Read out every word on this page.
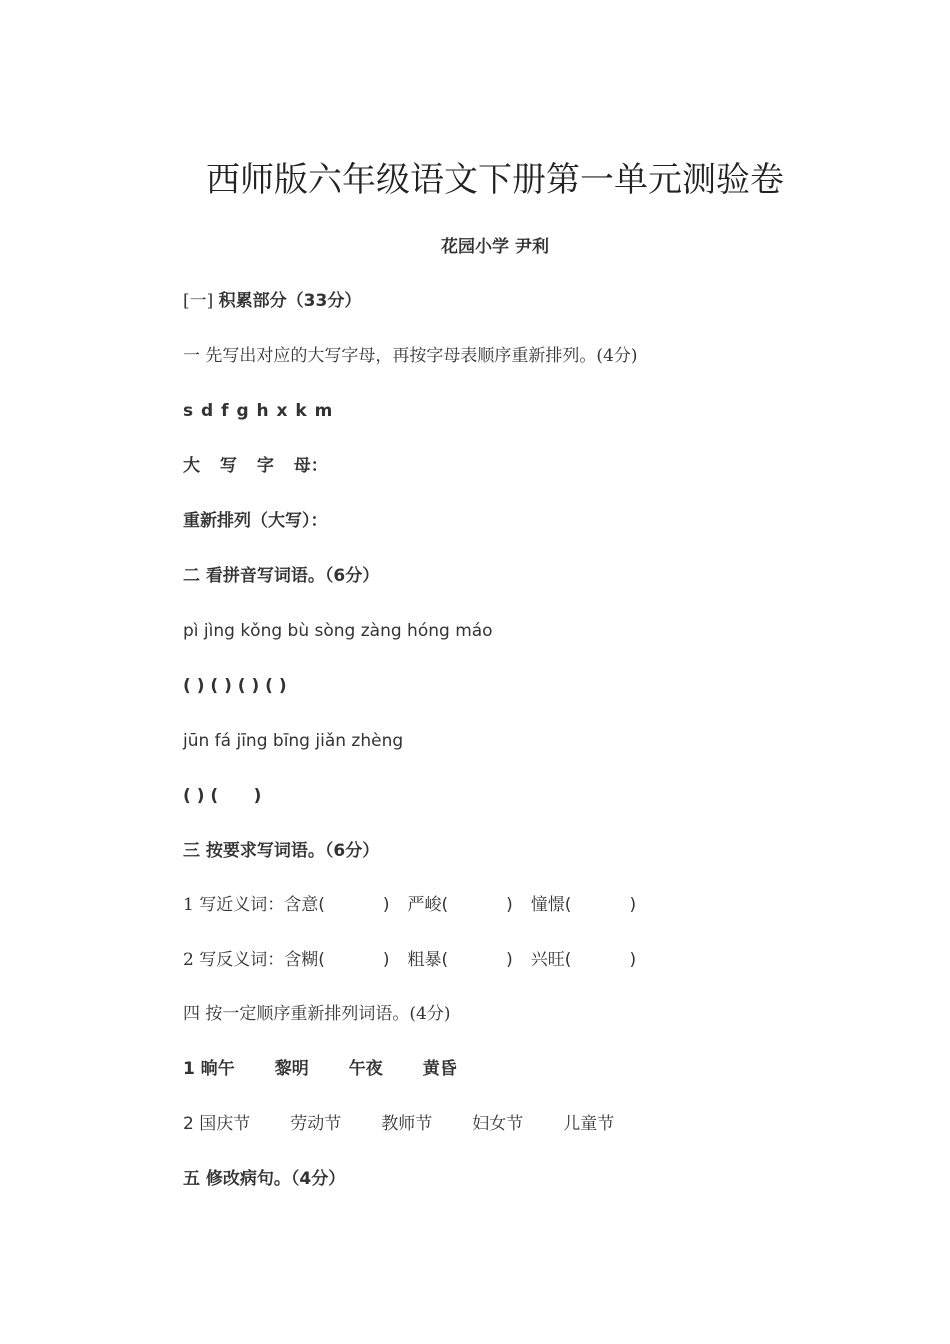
西师版六年级语文下册第一单元测验卷
花园小学 尹利
[一] 积累部分（33分）
一 先写出对应的大写字母，再按字母表顺序重新排列。(4分)
s d f g h x k m
大 写 字 母：
重新排列（大写）：
二 看拼音写词语。（6分）
pì jìng kǒng bù sòng zàng hóng máo
( ) ( ) ( ) ( )
jūn fá jīng bīng jiǎn zhèng
( ) (      )
三 按要求写词语。（6分）
1 写近义词：含意(	) 严峻(	) 憧憬(	)
2 写反义词：含糊(	) 粗暴(	) 兴旺(	)
四 按一定顺序重新排列词语。(4分)
1 晌午 黎明 午夜 黄昏
2 国庆节 劳动节 教师节 妇女节 儿童节
五 修改病句。（4分）
